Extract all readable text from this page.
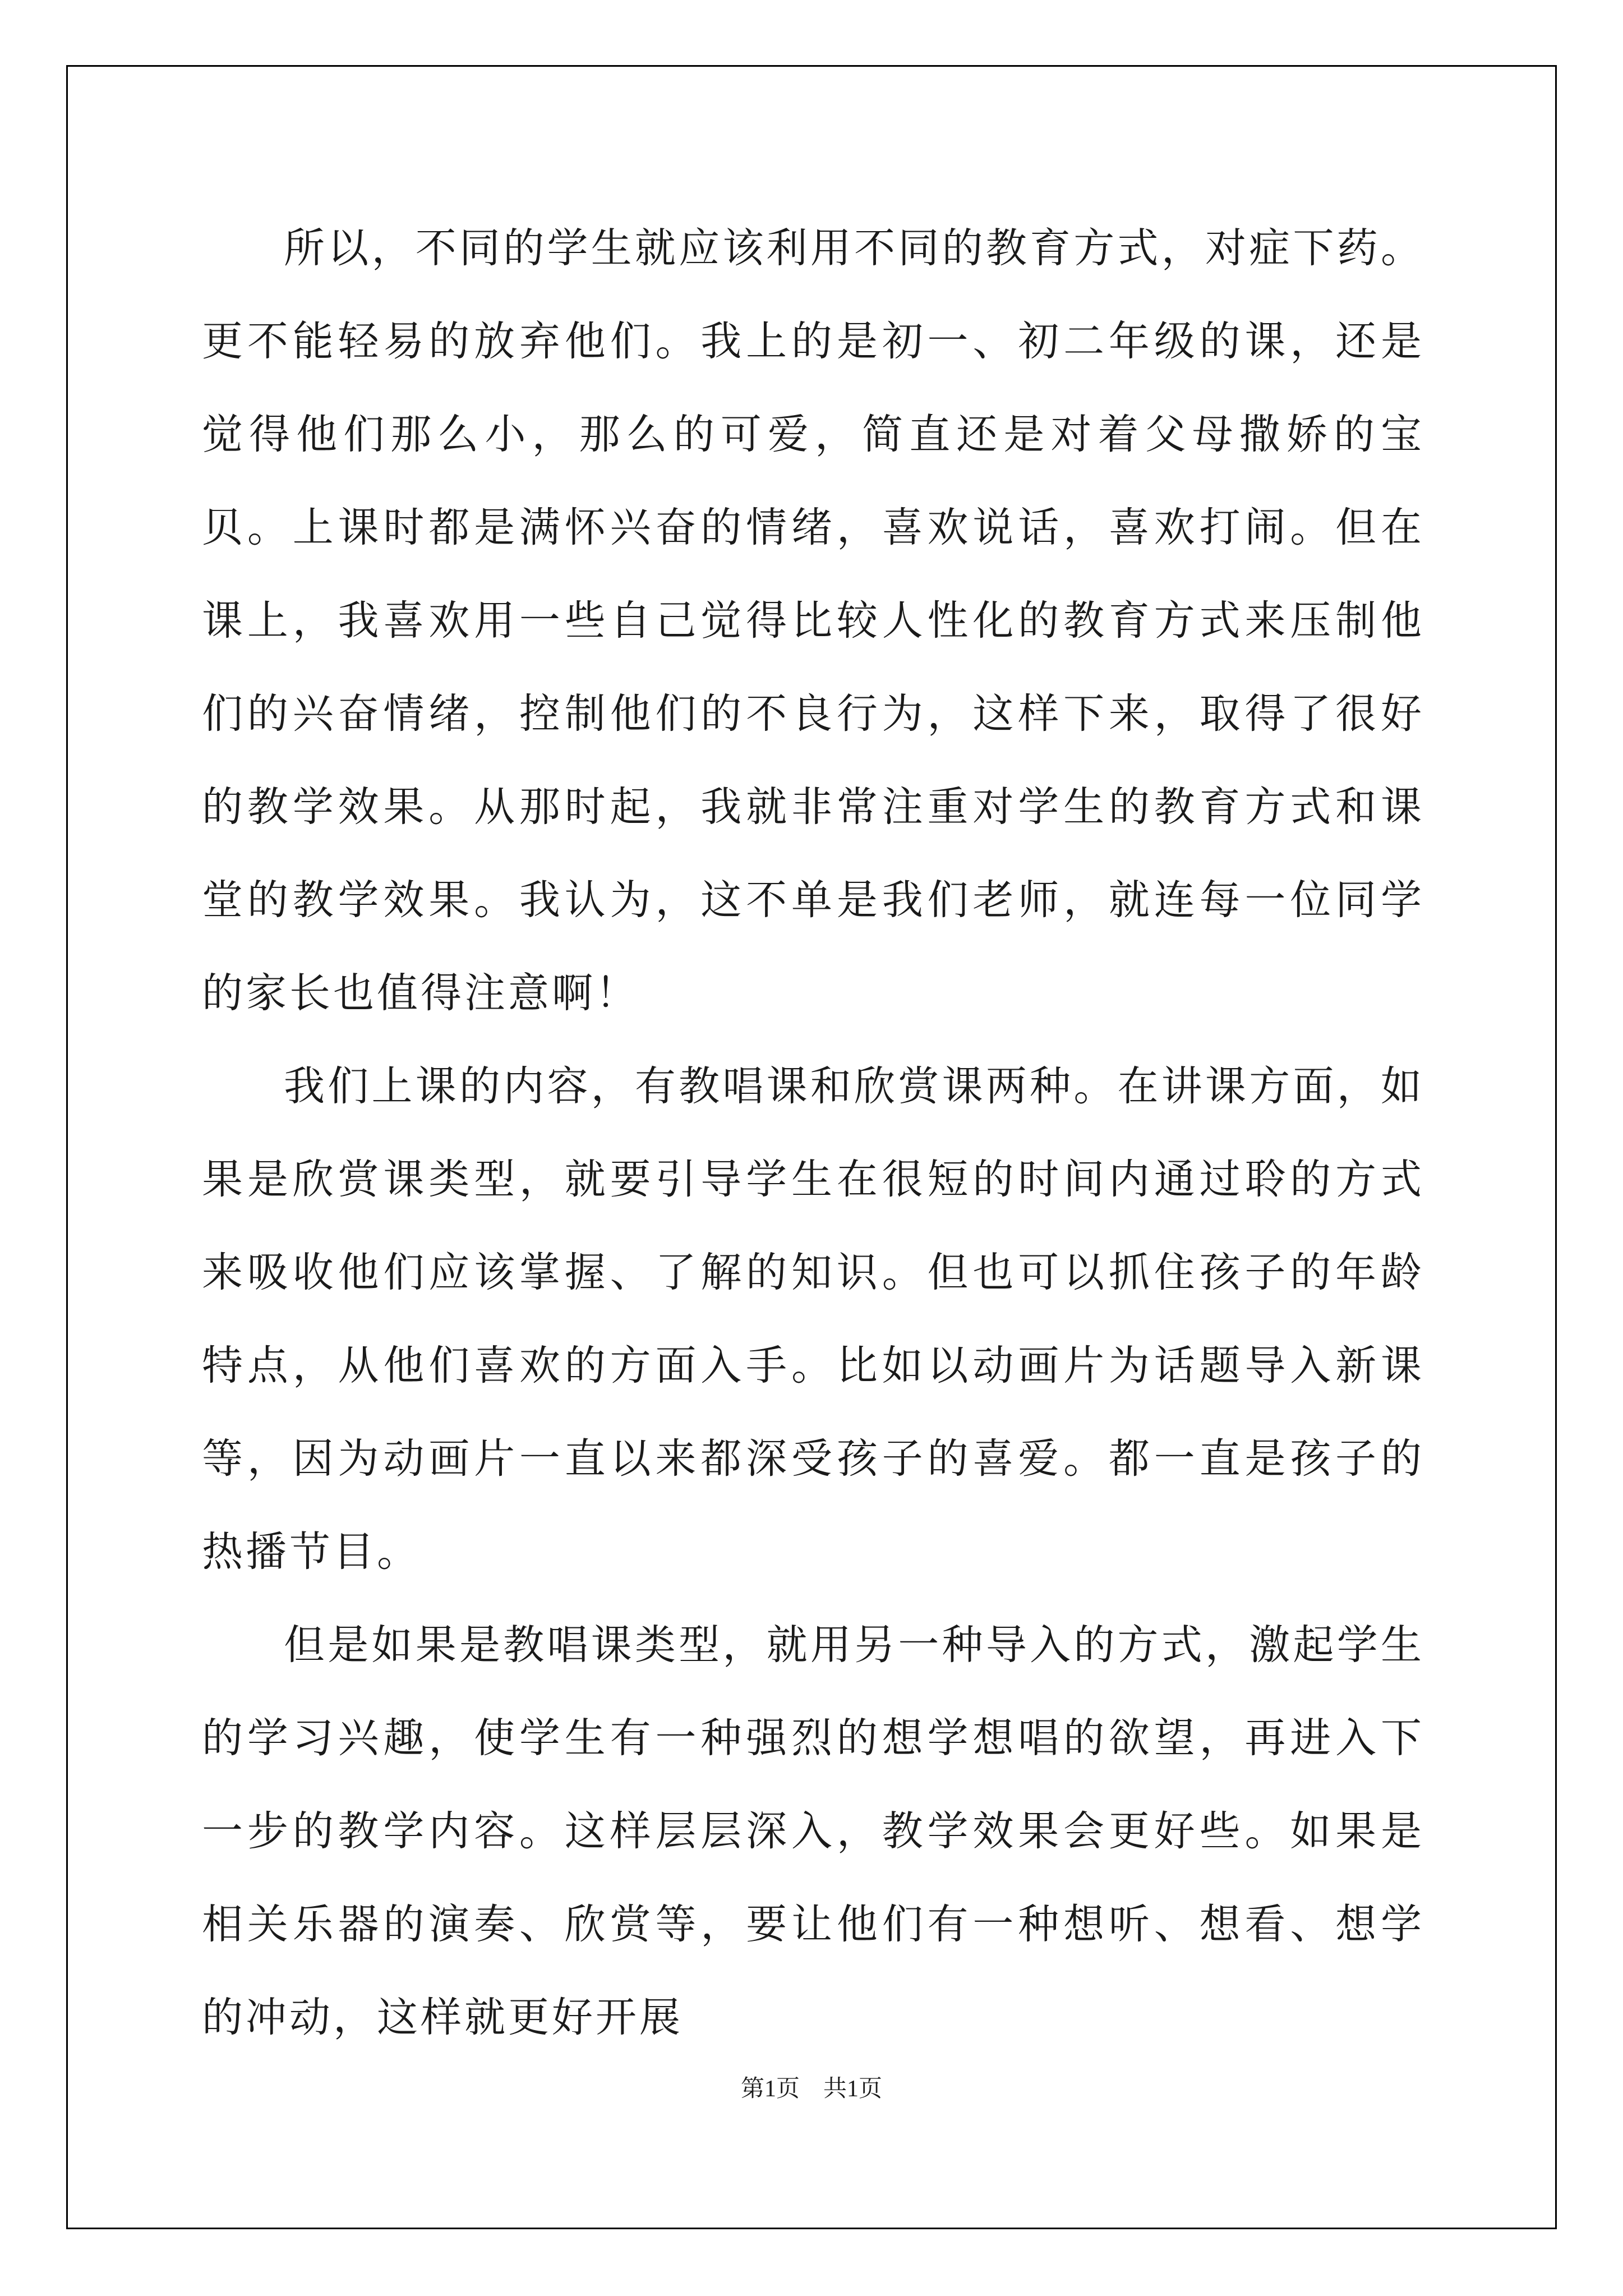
所以，不同的学生就应该利用不同的教育方式，对症下药。更不能轻易的放弃他们。我上的是初一、初二年级的课，还是觉得他们那么小，那么的可爱，简直还是对着父母撒娇的宝贝。上课时都是满怀兴奋的情绪，喜欢说话，喜欢打闹。但在课上，我喜欢用一些自己觉得比较人性化的教育方式来压制他们的兴奋情绪，控制他们的不良行为，这样下来，取得了很好的教学效果。从那时起，我就非常注重对学生的教育方式和课堂的教学效果。我认为，这不单是我们老师，就连每一位同学的家长也值得注意啊！

我们上课的内容，有教唱课和欣赏课两种。在讲课方面，如果是欣赏课类型，就要引导学生在很短的时间内通过聆的方式来吸收他们应该掌握、了解的知识。但也可以抓住孩子的年龄特点，从他们喜欢的方面入手。比如以动画片为话题导入新课等，因为动画片一直以来都深受孩子的喜爱。都一直是孩子的热播节目。

但是如果是教唱课类型，就用另一种导入的方式，激起学生的学习兴趣，使学生有一种强烈的想学想唱的欲望，再进入下一步的教学内容。这样层层深入，教学效果会更好些。如果是相关乐器的演奏、欣赏等，要让他们有一种想听、想看、想学的冲动，这样就更好开展

第1页　共1页
